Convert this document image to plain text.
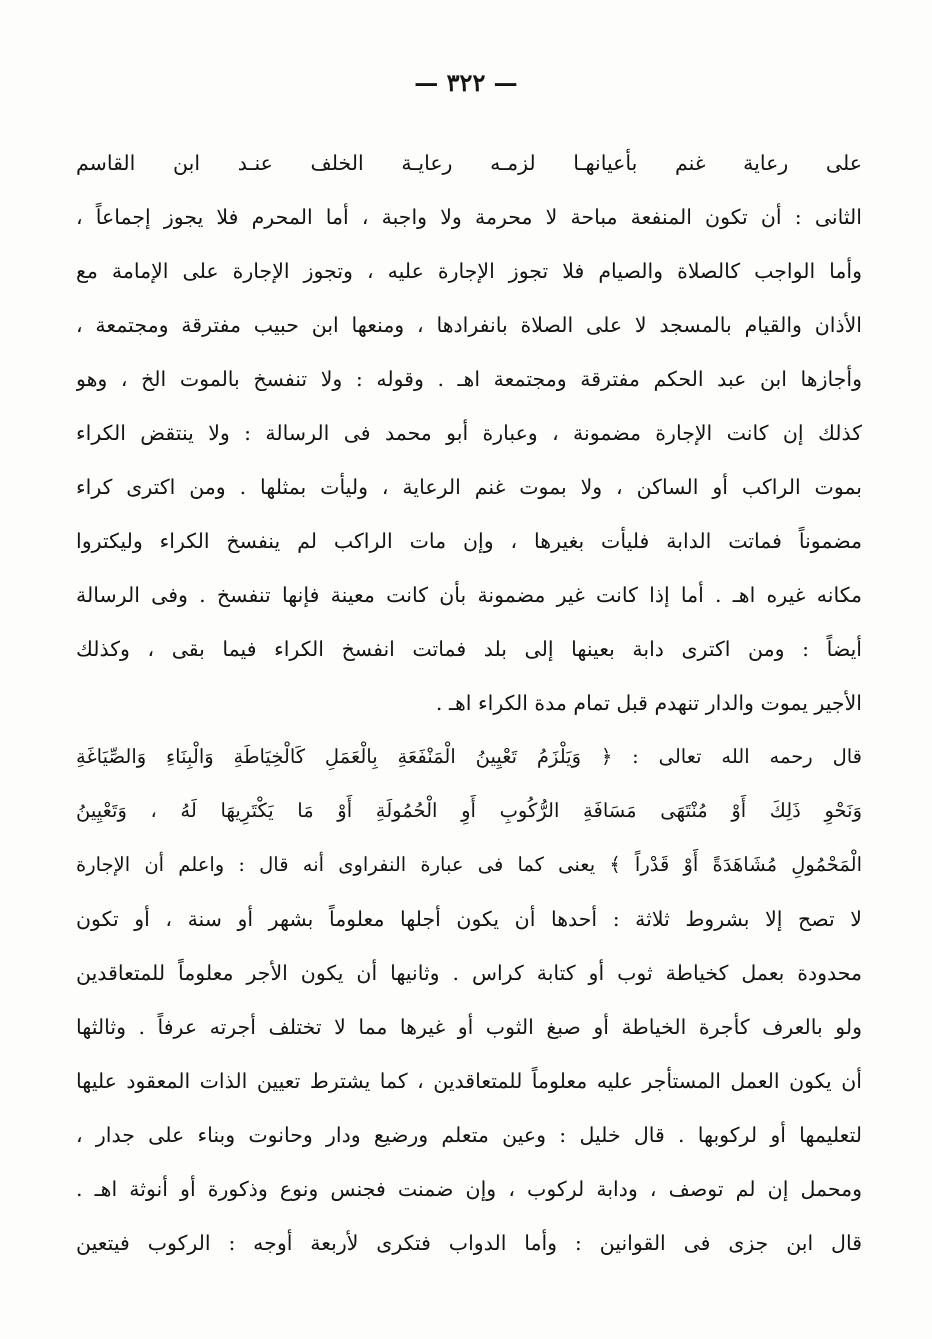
— ٣٢٢ —
على رعاية غنم بأعيانهـا لزمـه رعايـة الخلف عنـد ابن القاسم
الثانى : أن تكون المنفعة مباحة لا محرمة ولا واجبة ، أما المحرم فلا يجوز إجماعاً ،
وأما الواجب كالصلاة والصيام فلا تجوز الإجارة عليه ، وتجوز الإجارة على الإمامة مع
الأذان والقيام بالمسجد لا على الصلاة بانفرادها ، ومنعها ابن حبيب مفترقة ومجتمعة ،
وأجازها ابن عبد الحكم مفترقة ومجتمعة اهـ . وقوله : ولا تنفسخ بالموت الخ ، وهو
كذلك إن كانت الإجارة مضمونة ، وعبارة أبو محمد فى الرسالة : ولا ينتقض الكراء
بموت الراكب أو الساكن ، ولا بموت غنم الرعاية ، وليأت بمثلها . ومن اكترى كراء
مضموناً فماتت الدابة فليأت بغيرها ، وإن مات الراكب لم ينفسخ الكراء وليكتروا
مكانه غيره اهـ . أما إذا كانت غير مضمونة بأن كانت معينة فإنها تنفسخ . وفى الرسالة
أيضاً : ومن اكترى دابة بعينها إلى بلد فماتت انفسخ الكراء فيما بقى ، وكذلك
الأجير يموت والدار تنهدم قبل تمام مدة الكراء اهـ .
قال رحمه الله تعالى : ﴿ وَيَلْزَمُ تَعْيِينُ الْمَنْفَعَةِ بِالْعَمَلِ كَالْخِيَاطَةِ وَالْبِنَاءِ وَالصِّيَاغَةِ
وَنَحْوِ ذَلِكَ أَوْ مُنْتَهَى مَسَافَةِ الرُّكُوبِ أَوِ الْحُمُولَةِ أَوْ مَا يَكْتَرِيهَا لَهُ ، وَتَعْيِينُ
الْمَحْمُولِ مُشَاهَدَةً أَوْ قَدْراً ﴾ يعنى كما فى عبارة النفراوى أنه قال : واعلم أن الإجارة
لا تصح إلا بشروط ثلاثة : أحدها أن يكون أجلها معلوماً بشهر أو سنة ، أو تكون
محدودة بعمل كخياطة ثوب أو كتابة كراس . وثانيها أن يكون الأجر معلوماً للمتعاقدين
ولو بالعرف كأجرة الخياطة أو صبغ الثوب أو غيرها مما لا تختلف أجرته عرفاً . وثالثها
أن يكون العمل المستأجر عليه معلوماً للمتعاقدين ، كما يشترط تعيين الذات المعقود عليها
لتعليمها أو لركوبها . قال خليل : وعين متعلم ورضيع ودار وحانوت وبناء على جدار ،
ومحمل إن لم توصف ، ودابة لركوب ، وإن ضمنت فجنس ونوع وذكورة أو أنوثة اهـ .
قال ابن جزى فى القوانين : وأما الدواب فتكرى لأربعة أوجه : الركوب فيتعين
